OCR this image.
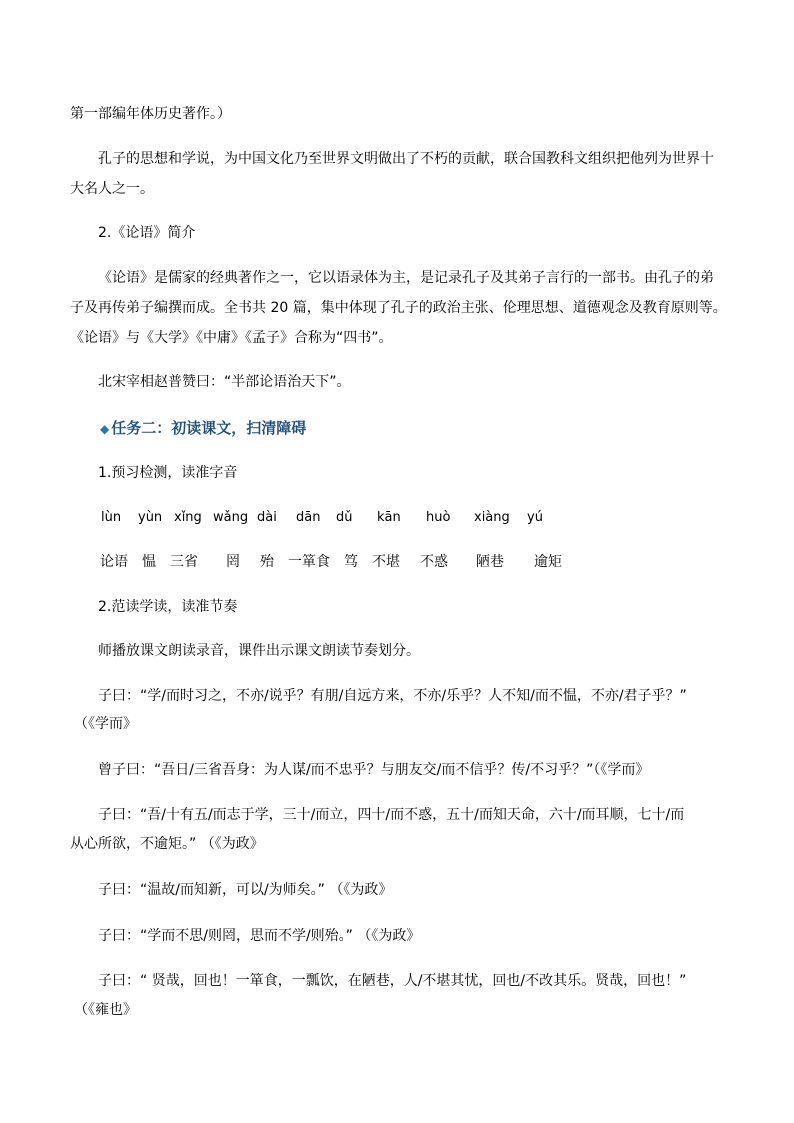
第一部编年体历史著作。）
孔子的思想和学说，为中国文化乃至世界文明做出了不朽的贡献，联合国教科文组织把他列为世界十
大名人之一。
2.《论语》简介
《论语》是儒家的经典著作之一，它以语录体为主，是记录孔子及其弟子言行的一部书。由孔子的弟
子及再传弟子编撰而成。全书共 20 篇，集中体现了孔子的政治主张、伦理思想、道德观念及教育原则等。
《论语》与《大学》《中庸》《孟子》合称为“四书”。
北宋宰相赵普赞曰：“半部论语治天下”。
◆ 任务二：初读课文，扫清障碍
1.预习检测，读准字音
lùn yùn xǐng wǎng dài dān dǔ kān huò xiàng yú
论语 愠 三省 罔 殆 一箪食 笃 不堪 不惑 陋巷 逾矩
2.范读学读，读准节奏
师播放课文朗读录音，课件出示课文朗读节奏划分。
子曰：“学/而时习之，不亦/说乎？有朋/自远方来，不亦/乐乎？人不知/而不愠，不亦/君子乎？”
（《学而》
曾子曰：“吾日/三省吾身：为人谋/而不忠乎？与朋友交/而不信乎？传/不习乎？”（《学而》
子曰：“吾/十有五/而志于学，三十/而立，四十/而不惑，五十/而知天命，六十/而耳顺，七十/而
从心所欲，不逾矩。” （《为政》
子曰：“温故/而知新，可以/为师矣。” （《为政》
子曰：“学而不思/则罔，思而不学/则殆。” （《为政》
子曰：“ 贤哉，回也！一箪食，一瓢饮，在陋巷，人/不堪其忧，回也/不改其乐。贤哉，回也！”
（《雍也》
